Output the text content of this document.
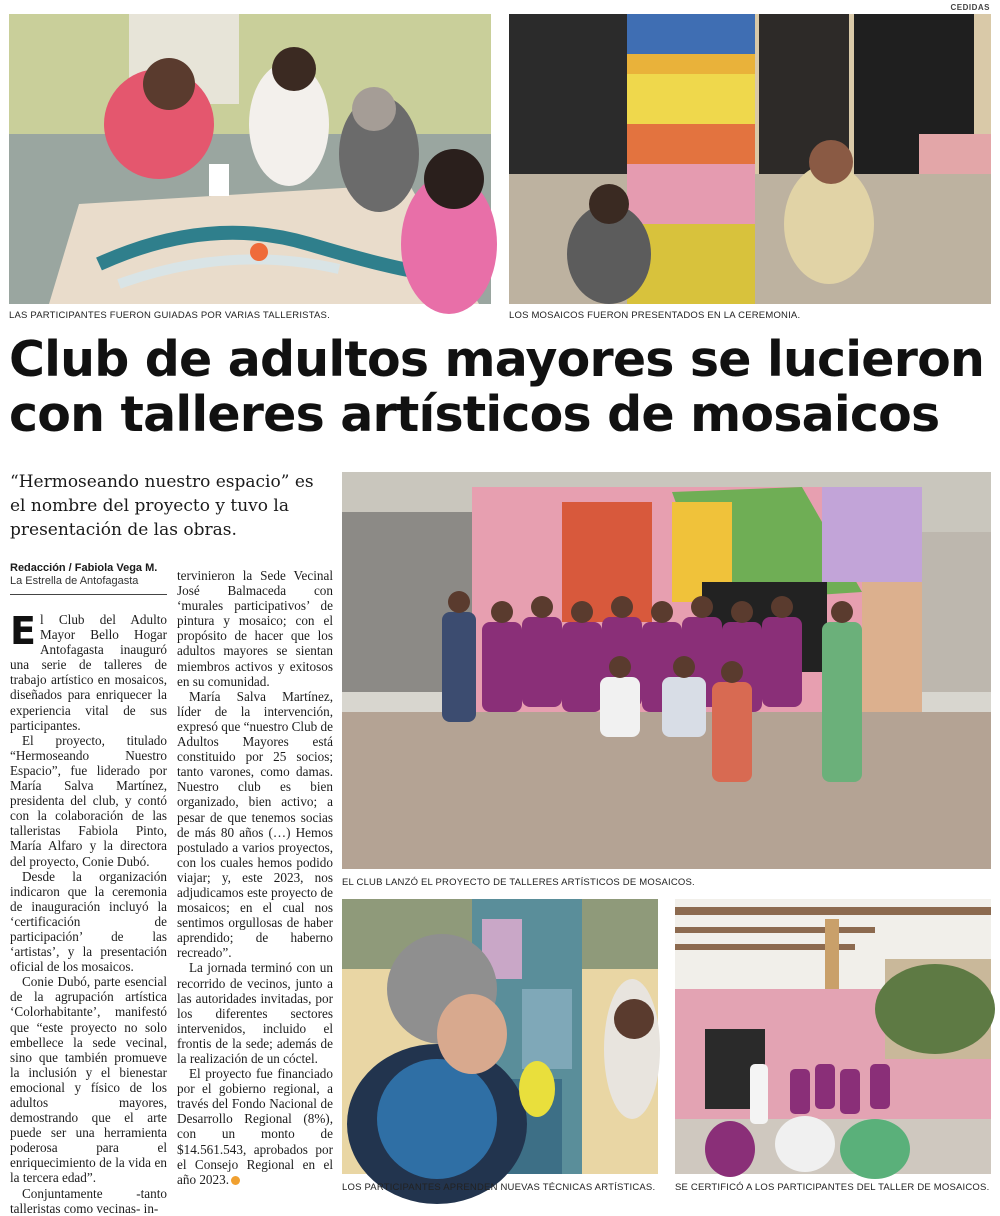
CEDIDAS
LAS PARTICIPANTES FUERON GUIADAS POR VARIAS TALLERISTAS.	LOS MOSAICOS FUERON PRESENTADOS EN LA CEREMONIA.
Club de adultos mayores se lucieron
con talleres artísticos de mosaicos
“Hermoseando nuestro espacio” es el nombre del proyecto y tuvo la presentación de las obras.
Redacción / Fabiola Vega M.
La Estrella de Antofagasta

El Club del Adulto Mayor Bello Hogar Antofagasta inauguró una serie de talleres de trabajo artístico en mosaicos, diseñados para enriquecer la experiencia vital de sus participantes.

El proyecto, titulado “Hermoseando Nuestro Espacio”, fue liderado por María Salva Martínez, presidenta del club, y contó con la colaboración de las talleristas Fabiola Pinto, María Alfaro y la directora del proyecto, Conie Dubó.

Desde la organización indicaron que la ceremonia de inauguración incluyó la ‘certificación de participación’ de las ‘artistas’, y la presentación oficial de los mosaicos.

Conie Dubó, parte esencial de la agrupación artística ‘Colorhabitante’, manifestó que “este proyecto no solo embellece la sede vecinal, sino que también promueve la inclusión y el bienestar emocional y físico de los adultos mayores, demostrando que el arte puede ser una herramienta poderosa para el enriquecimiento de la vida en la tercera edad”.

Conjuntamente -tanto talleristas como vecinas- in-

tervinieron la Sede Vecinal José Balmaceda con ‘murales participativos’ de pintura y mosaico; con el propósito de hacer que los adultos mayores se sientan miembros activos y exitosos en su comunidad.

María Salva Martínez, líder de la intervención, expresó que “nuestro Club de Adultos Mayores está constituido por 25 socios; tanto varones, como damas. Nuestro club es bien organizado, bien activo; a pesar de que tenemos socias de más 80 años (…) Hemos postulado a varios proyectos, con los cuales hemos podido viajar; y, este 2023, nos adjudicamos este proyecto de mosaicos; en el cual nos sentimos orgullosas de haber aprendido; de haberno recreado”.

La jornada terminó con un recorrido de vecinos, junto a las autoridades invitadas, por los diferentes sectores intervenidos, incluido el frontis de la sede; además de la realización de un cóctel.

El proyecto fue financiado por el gobierno regional, a través del Fondo Nacional de Desarrollo Regional (8%), con un monto de $14.561.543, aprobados por el Consejo Regional en el año 2023.

EL CLUB LANZÓ EL PROYECTO DE TALLERES ARTÍSTICOS DE MOSAICOS.
LOS PARTICIPANTES APRENDEN NUEVAS TÉCNICAS ARTÍSTICAS. SE CERTIFICÓ A LOS PARTICIPANTES DEL TALLER DE MOSAICOS.
